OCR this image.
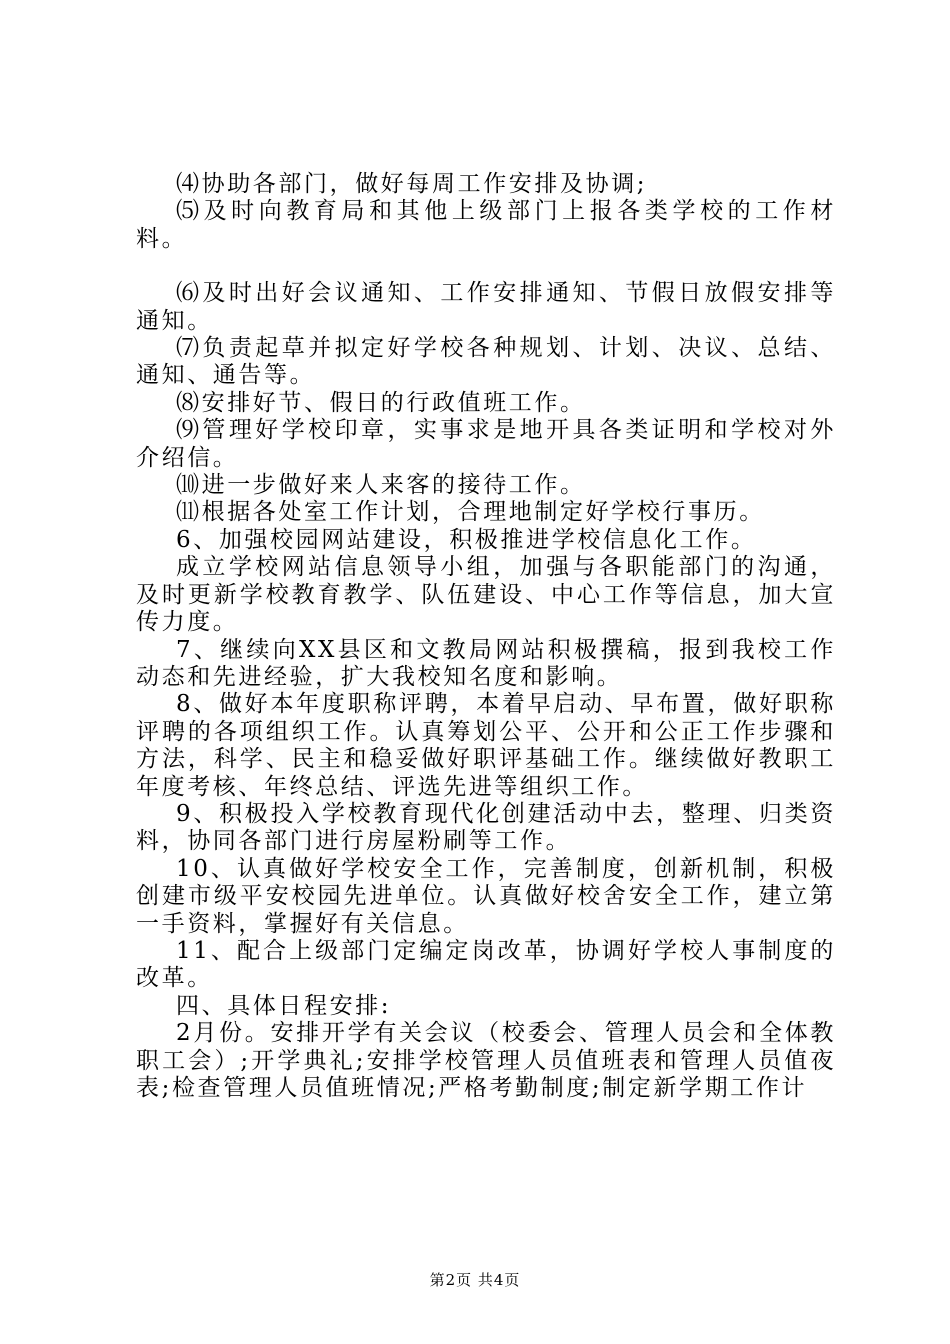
⑷协助各部门，做好每周工作安排及协调;

⑸及时向教育局和其他上级部门上报各类学校的工作材料。

⑹及时出好会议通知、工作安排通知、节假日放假安排等通知。

⑺负责起草并拟定好学校各种规划、计划、决议、总结、通知、通告等。

⑻安排好节、假日的行政值班工作。

⑼管理好学校印章，实事求是地开具各类证明和学校对外介绍信。

⑽进一步做好来人来客的接待工作。

⑾根据各处室工作计划，合理地制定好学校行事历。

6、加强校园网站建设，积极推进学校信息化工作。

成立学校网站信息领导小组，加强与各职能部门的沟通，及时更新学校教育教学、队伍建设、中心工作等信息，加大宣传力度。

7、继续向XX县区和文教局网站积极撰稿，报到我校工作动态和先进经验，扩大我校知名度和影响。

8、做好本年度职称评聘，本着早启动、早布置，做好职称评聘的各项组织工作。认真筹划公平、公开和公正工作步骤和方法，科学、民主和稳妥做好职评基础工作。继续做好教职工年度考核、年终总结、评选先进等组织工作。

9、积极投入学校教育现代化创建活动中去，整理、归类资料，协同各部门进行房屋粉刷等工作。

10、认真做好学校安全工作，完善制度，创新机制，积极创建市级平安校园先进单位。认真做好校舍安全工作，建立第一手资料，掌握好有关信息。

11、配合上级部门定编定岗改革，协调好学校人事制度的改革。

四、具体日程安排:

2月份。安排开学有关会议（校委会、管理人员会和全体教职工会）;开学典礼;安排学校管理人员值班表和管理人员值夜表;检查管理人员值班情况;严格考勤制度;制定新学期工作计

第2页 共4页
